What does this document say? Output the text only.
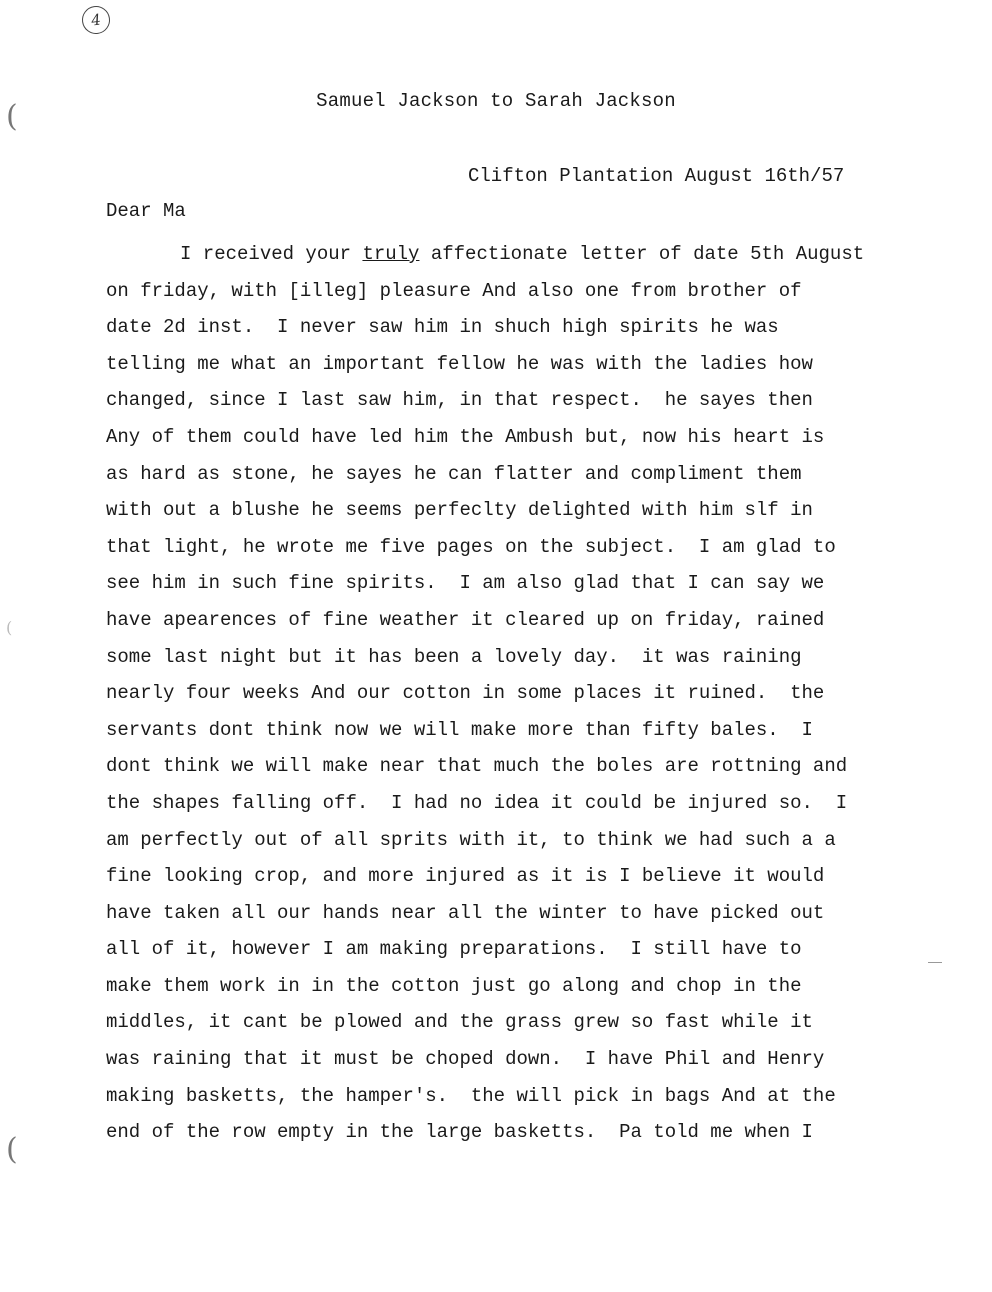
4
(
(
(
Samuel Jackson to Sarah Jackson
Clifton Plantation August 16th/57
Dear Ma
I received your truly affectionate letter of date 5th August
on friday, with [illeg] pleasure And also one from brother of
date 2d inst.  I never saw him in shuch high spirits he was
telling me what an important fellow he was with the ladies how
changed, since I last saw him, in that respect.  he sayes then
Any of them could have led him the Ambush but, now his heart is
as hard as stone, he sayes he can flatter and compliment them
with out a blushe he seems perfeclty delighted with him slf in
that light, he wrote me five pages on the subject.  I am glad to
see him in such fine spirits.  I am also glad that I can say we
have apearences of fine weather it cleared up on friday, rained
some last night but it has been a lovely day.  it was raining
nearly four weeks And our cotton in some places it ruined.  the
servants dont think now we will make more than fifty bales.  I
dont think we will make near that much the boles are rottning and
the shapes falling off.  I had no idea it could be injured so.  I
am perfectly out of all sprits with it, to think we had such a a
fine looking crop, and more injured as it is I believe it would
have taken all our hands near all the winter to have picked out
all of it, however I am making preparations.  I still have to
make them work in in the cotton just go along and chop in the
middles, it cant be plowed and the grass grew so fast while it
was raining that it must be choped down.  I have Phil and Henry
making basketts, the hamper's.  the will pick in bags And at the
end of the row empty in the large basketts.  Pa told me when I
